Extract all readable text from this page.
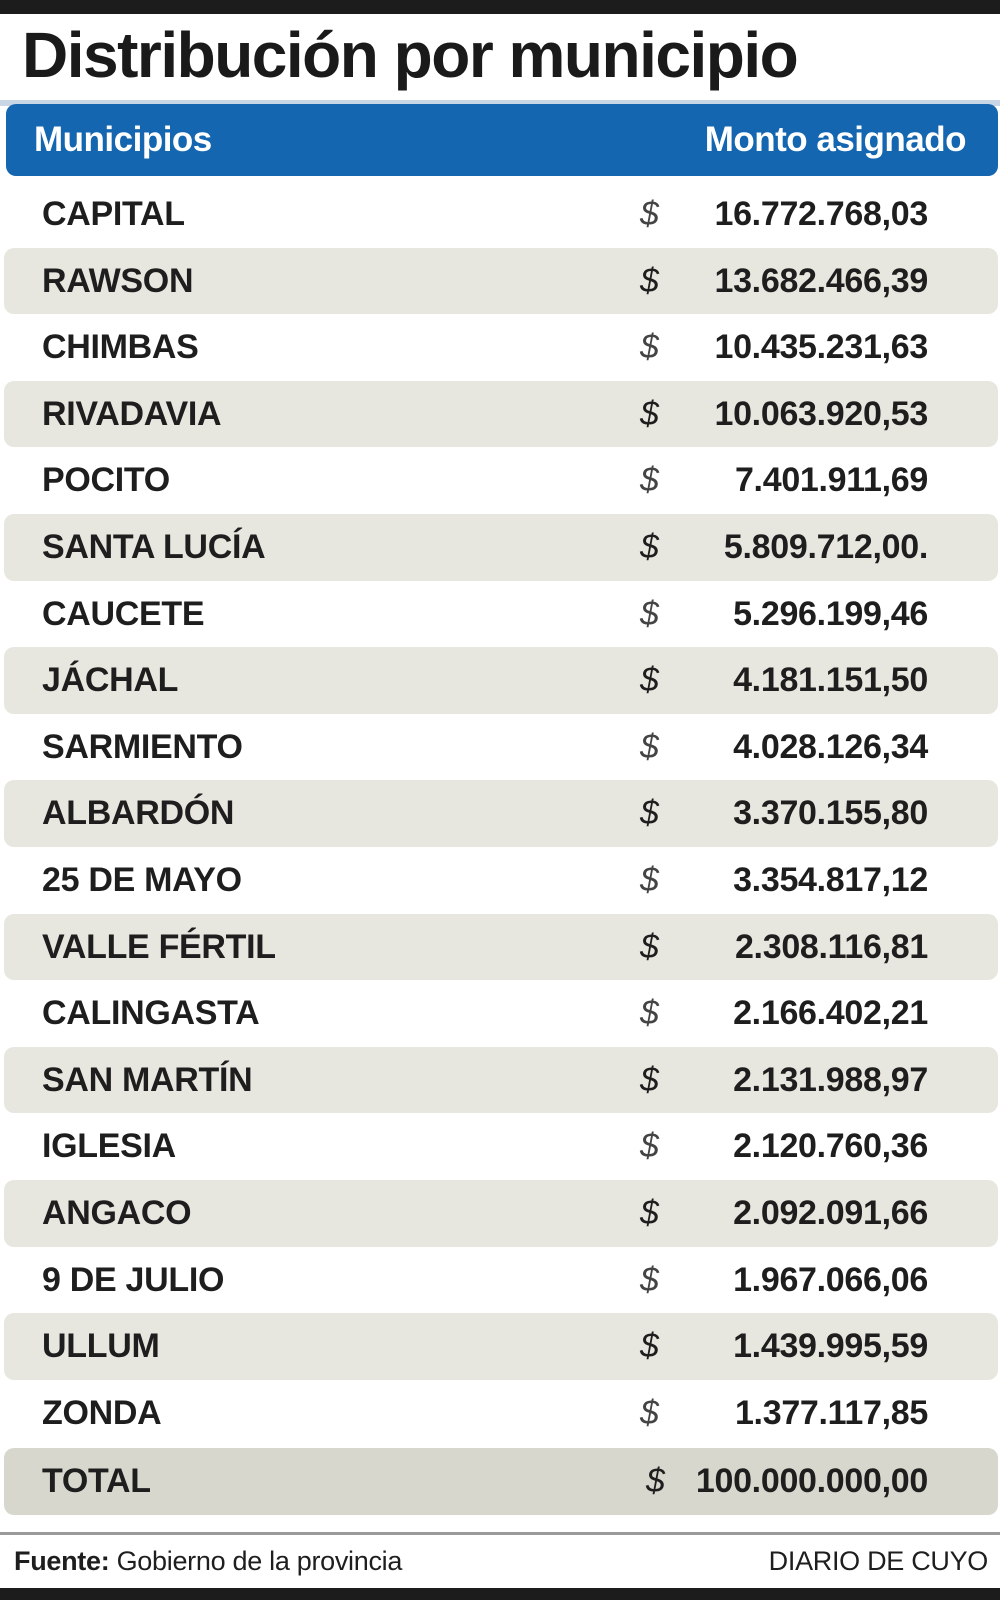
Distribución por municipio
Municipios	Monto asignado
CAPITAL	$ 16.772.768,03
RAWSON	$ 13.682.466,39
CHIMBAS	$ 10.435.231,63
RIVADAVIA	$ 10.063.920,53
POCITO	$ 7.401.911,69
SANTA LUCÍA	$ 5.809.712,00.
CAUCETE	$ 5.296.199,46
JÁCHAL	$ 4.181.151,50
SARMIENTO	$ 4.028.126,34
ALBARDÓN	$ 3.370.155,80
25 DE MAYO	$ 3.354.817,12
VALLE FÉRTIL	$ 2.308.116,81
CALINGASTA	$ 2.166.402,21
SAN MARTÍN	$ 2.131.988,97
IGLESIA	$ 2.120.760,36
ANGACO	$ 2.092.091,66
9 DE JULIO	$ 1.967.066,06
ULLUM	$ 1.439.995,59
ZONDA	$ 1.377.117,85
TOTAL	$ 100.000.000,00
Fuente: Gobierno de la provincia	DIARIO DE CUYO
